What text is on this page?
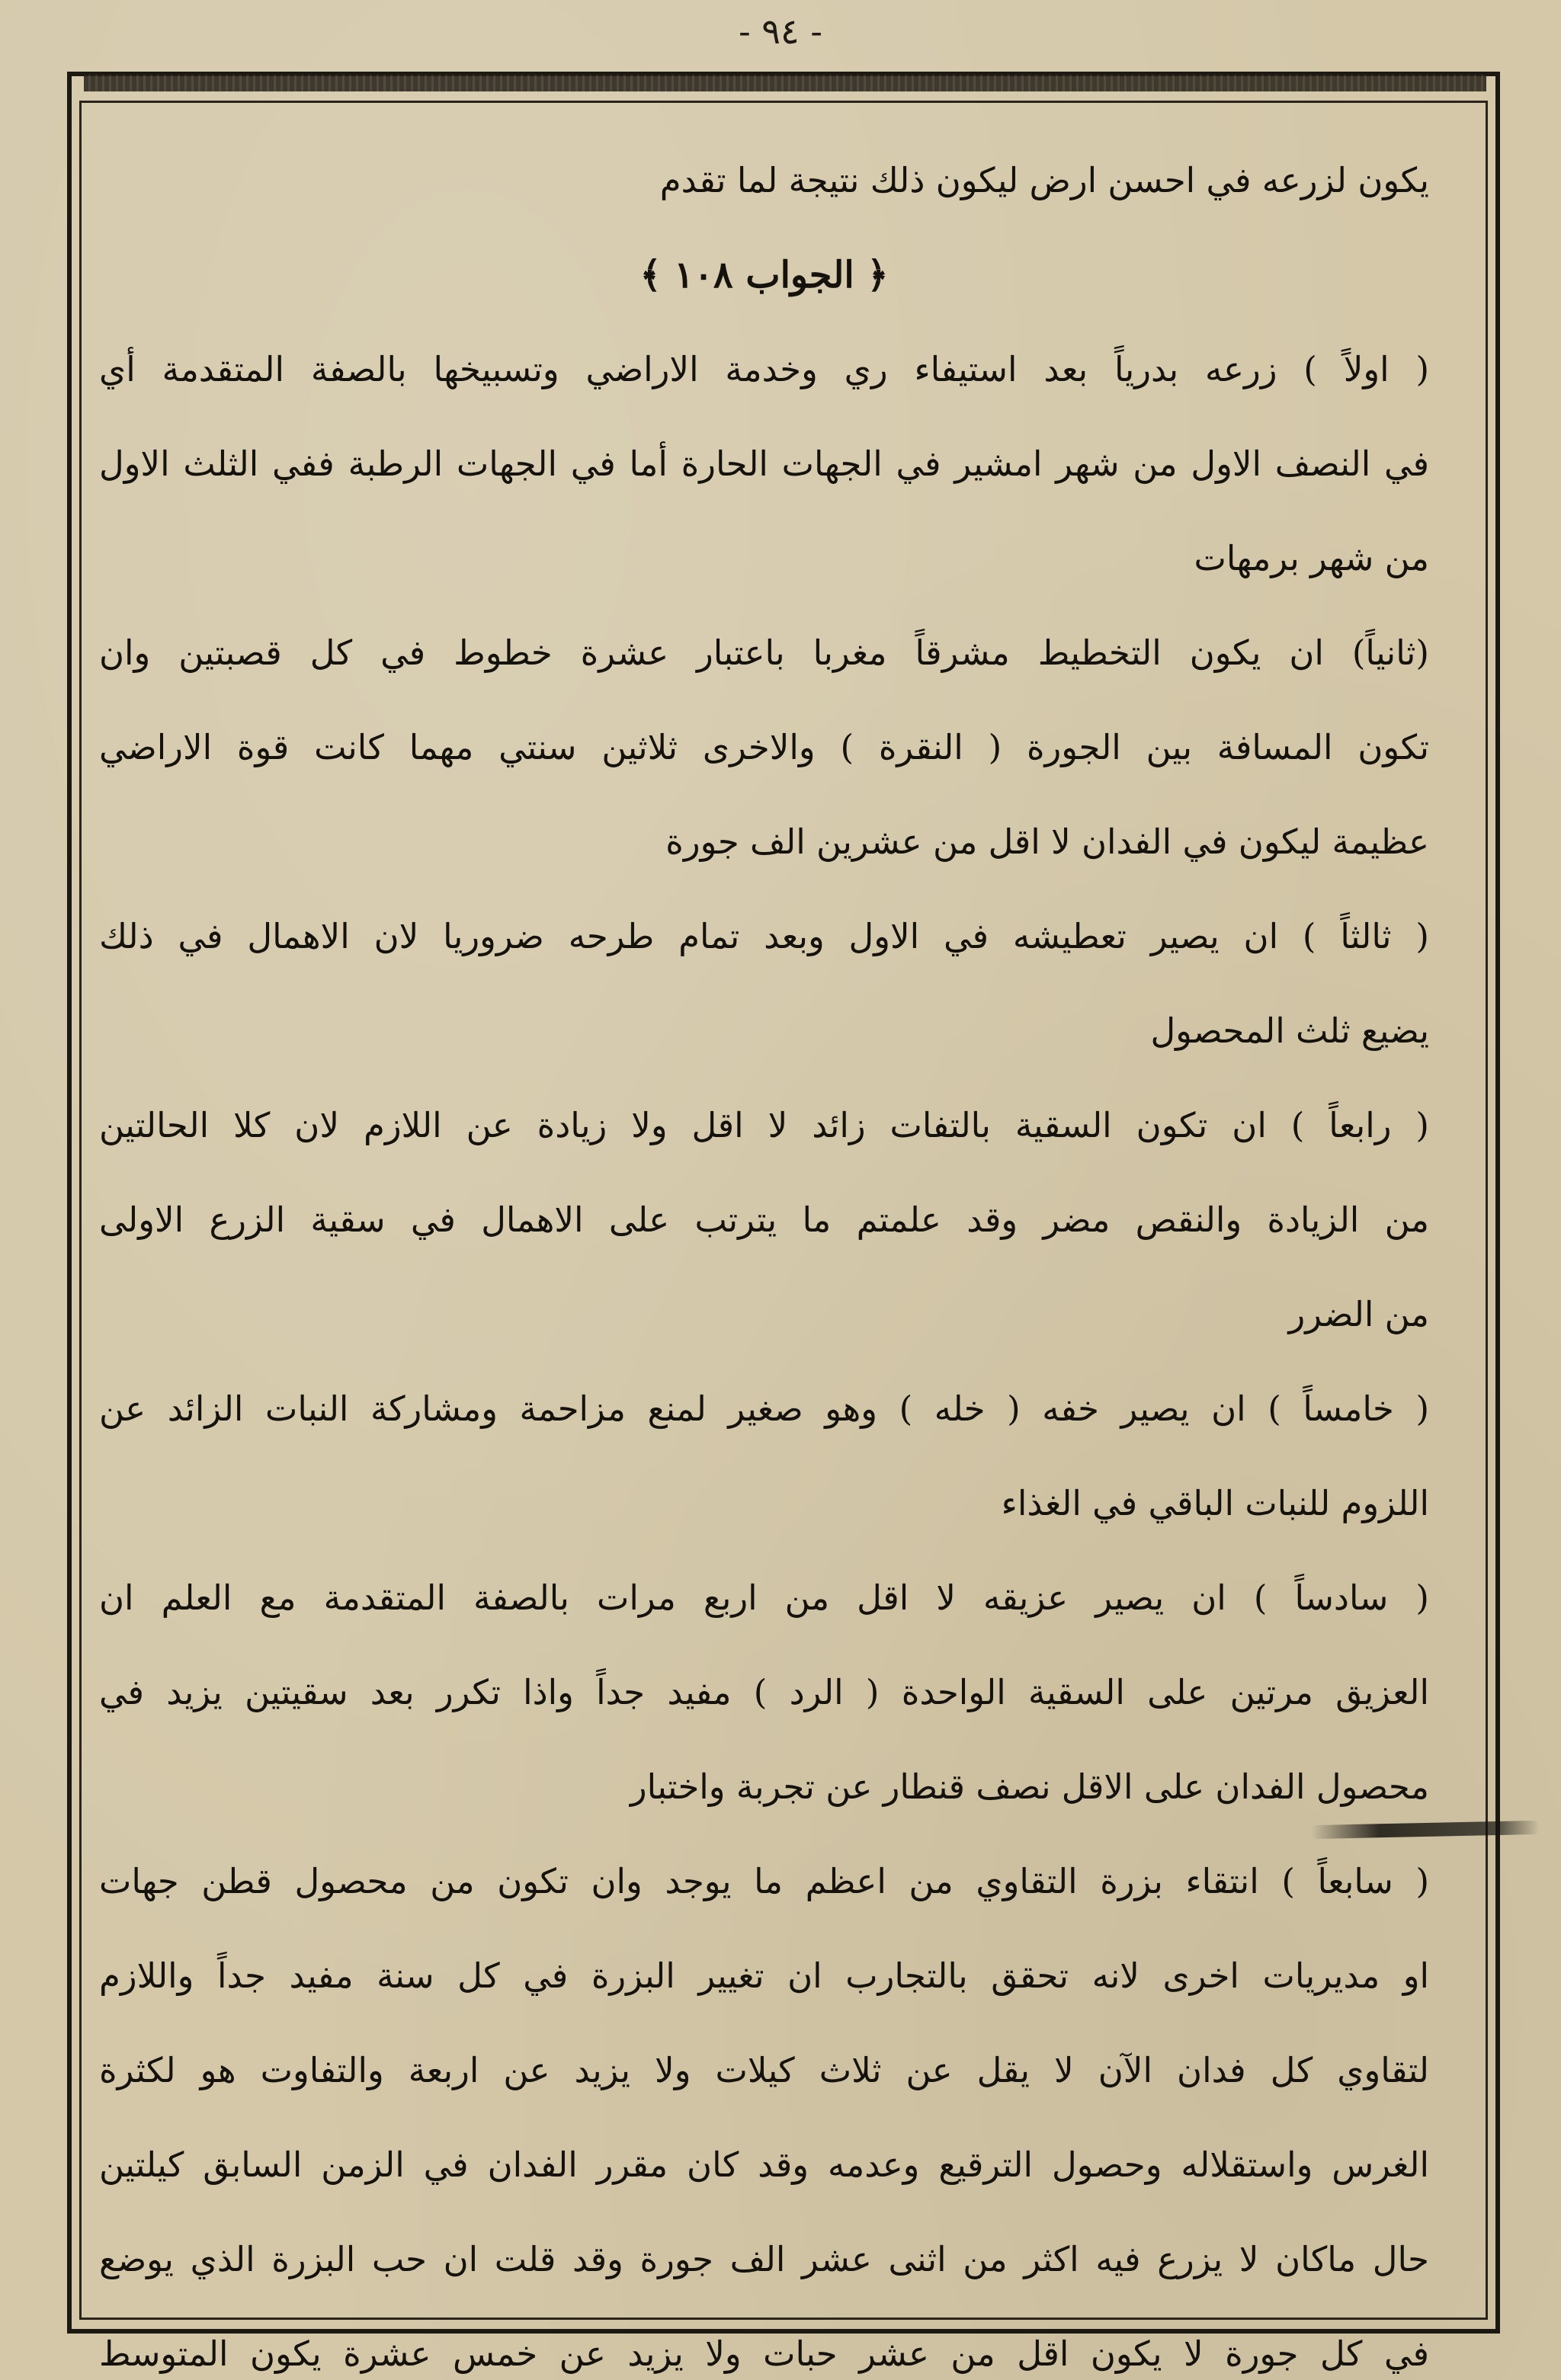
- ٩٤ -
يكون لزرعه في احسن ارض ليكون ذلك نتيجة لما تقدم
﴿ الجواب ١٠٨ ﴾
( اولاً ) زرعه بدرياً بعد استيفاء ري وخدمة الاراضي وتسبيخها بالصفة المتقدمة أي
في النصف الاول من شهر امشير في الجهات الحارة أما في الجهات الرطبة ففي الثلث الاول
من شهر برمهات
(ثانياً) ان يكون التخطيط مشرقاً مغربا باعتبار عشرة خطوط في كل قصبتين وان
تكون المسافة بين الجورة ( النقرة ) والاخرى ثلاثين سنتي مهما كانت قوة الاراضي
عظيمة ليكون في الفدان لا اقل من عشرين الف جورة
( ثالثاً ) ان يصير تعطيشه في الاول وبعد تمام طرحه ضروريا لان الاهمال في ذلك
يضيع ثلث المحصول
( رابعاً ) ان تكون السقية بالتفات زائد لا اقل ولا زيادة عن اللازم لان كلا الحالتين
من الزيادة والنقص مضر وقد علمتم ما يترتب على الاهمال في سقية الزرع الاولى
من الضرر
( خامساً ) ان يصير خفه ( خله ) وهو صغير لمنع مزاحمة ومشاركة النبات الزائد عن
اللزوم للنبات الباقي في الغذاء
( سادساً ) ان يصير عزيقه لا اقل من اربع مرات بالصفة المتقدمة مع العلم ان
العزيق مرتين على السقية الواحدة ( الرد ) مفيد جداً واذا تكرر بعد سقيتين يزيد في
محصول الفدان على الاقل نصف قنطار عن تجربة واختبار
( سابعاً ) انتقاء بزرة التقاوي من اعظم ما يوجد وان تكون من محصول قطن جهات
او مديريات اخرى لانه تحقق بالتجارب ان تغيير البزرة في كل سنة مفيد جداً واللازم
لتقاوي كل فدان الآن لا يقل عن ثلاث كيلات ولا يزيد عن اربعة والتفاوت هو لكثرة
الغرس واستقلاله وحصول الترقيع وعدمه وقد كان مقرر الفدان في الزمن السابق كيلتين
حال ماكان لا يزرع فيه اكثر من اثنى عشر الف جورة وقد قلت ان حب البزرة الذي يوضع
في كل جورة لا يكون اقل من عشر حبات ولا يزيد عن خمس عشرة يكون المتوسط
